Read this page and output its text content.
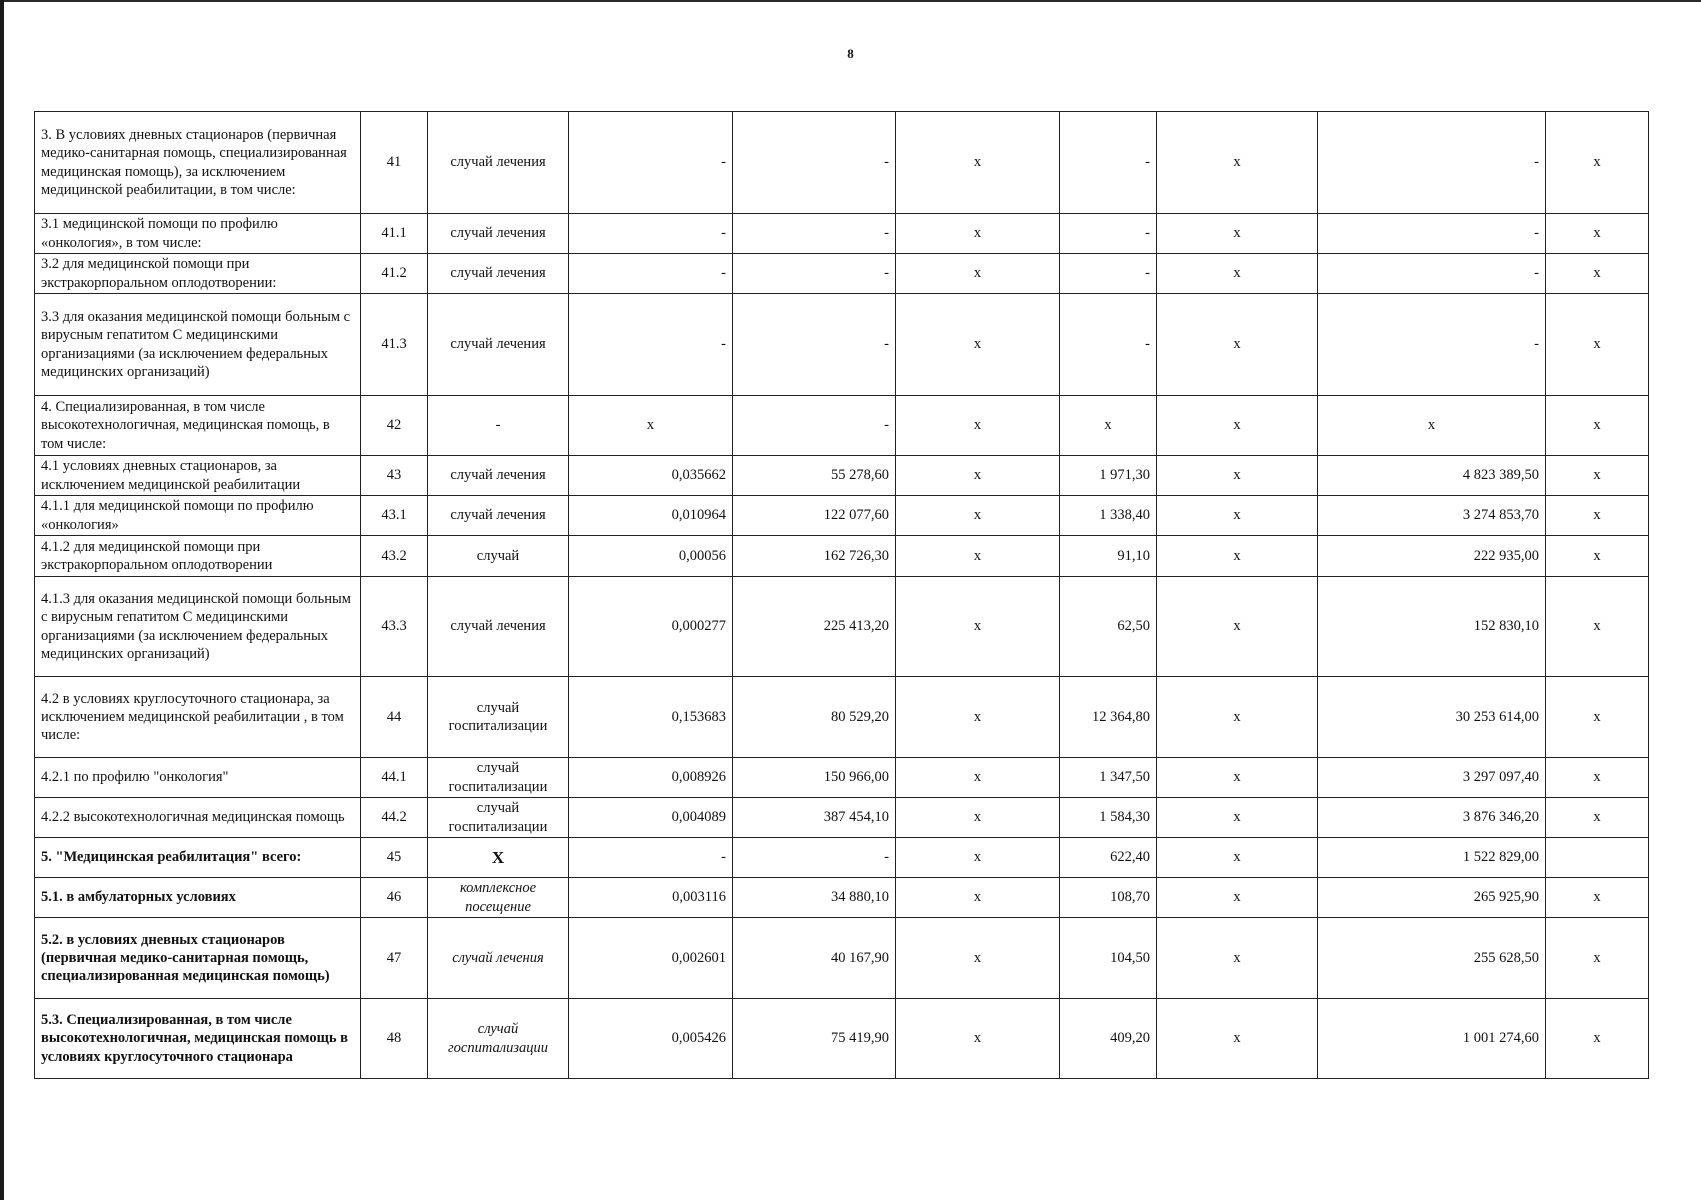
8
3. В условиях дневных стационаров (первичная медико-санитарная помощь, специализированная медицинская помощь), за исключением медицинской реабилитации, в том числе:	41	случай лечения	-	-	x	-	x	-	x
3.1 медицинской помощи по профилю «онкология», в том числе:	41.1	случай лечения	-	-	x	-	x	-	x
3.2 для медицинской помощи при экстракорпоральном оплодотворении:	41.2	случай лечения	-	-	x	-	x	-	x
3.3 для оказания медицинской помощи больным с вирусным гепатитом С медицинскими организациями (за исключением федеральных медицинских организаций)	41.3	случай лечения	-	-	x	-	x	-	x
4. Специализированная, в том числе высокотехнологичная, медицинская помощь, в том числе:	42	-	x	-	x	x	x	x	x
4.1 условиях дневных стационаров, за исключением медицинской реабилитации	43	случай лечения	0,035662	55 278,60	x	1 971,30	x	4 823 389,50	x
4.1.1 для медицинской помощи по профилю «онкология»	43.1	случай лечения	0,010964	122 077,60	x	1 338,40	x	3 274 853,70	x
4.1.2 для медицинской помощи при экстракорпоральном оплодотворении	43.2	случай	0,00056	162 726,30	x	91,10	x	222 935,00	x
4.1.3 для оказания медицинской помощи больным с вирусным гепатитом С медицинскими организациями (за исключением федеральных медицинских организаций)	43.3	случай лечения	0,000277	225 413,20	x	62,50	x	152 830,10	x
4.2 в условиях круглосуточного стационара, за исключением медицинской реабилитации , в том числе:	44	случай госпитализации	0,153683	80 529,20	x	12 364,80	x	30 253 614,00	x
4.2.1 по профилю "онкология"	44.1	случай госпитализации	0,008926	150 966,00	x	1 347,50	x	3 297 097,40	x
4.2.2 высокотехнологичная медицинская помощь	44.2	случай госпитализации	0,004089	387 454,10	x	1 584,30	x	3 876 346,20	x
5. "Медицинская реабилитация" всего:	45	Х	-	-	x	622,40	x	1 522 829,00	
5.1. в амбулаторных условиях	46	комплексное посещение	0,003116	34 880,10	x	108,70	x	265 925,90	x
5.2. в условиях дневных стационаров (первичная медико-санитарная помощь, специализированная медицинская помощь)	47	случай лечения	0,002601	40 167,90	x	104,50	x	255 628,50	x
5.3. Специализированная, в том числе высокотехнологичная, медицинская помощь в условиях круглосуточного стационара	48	случай госпитализации	0,005426	75 419,90	x	409,20	x	1 001 274,60	x
